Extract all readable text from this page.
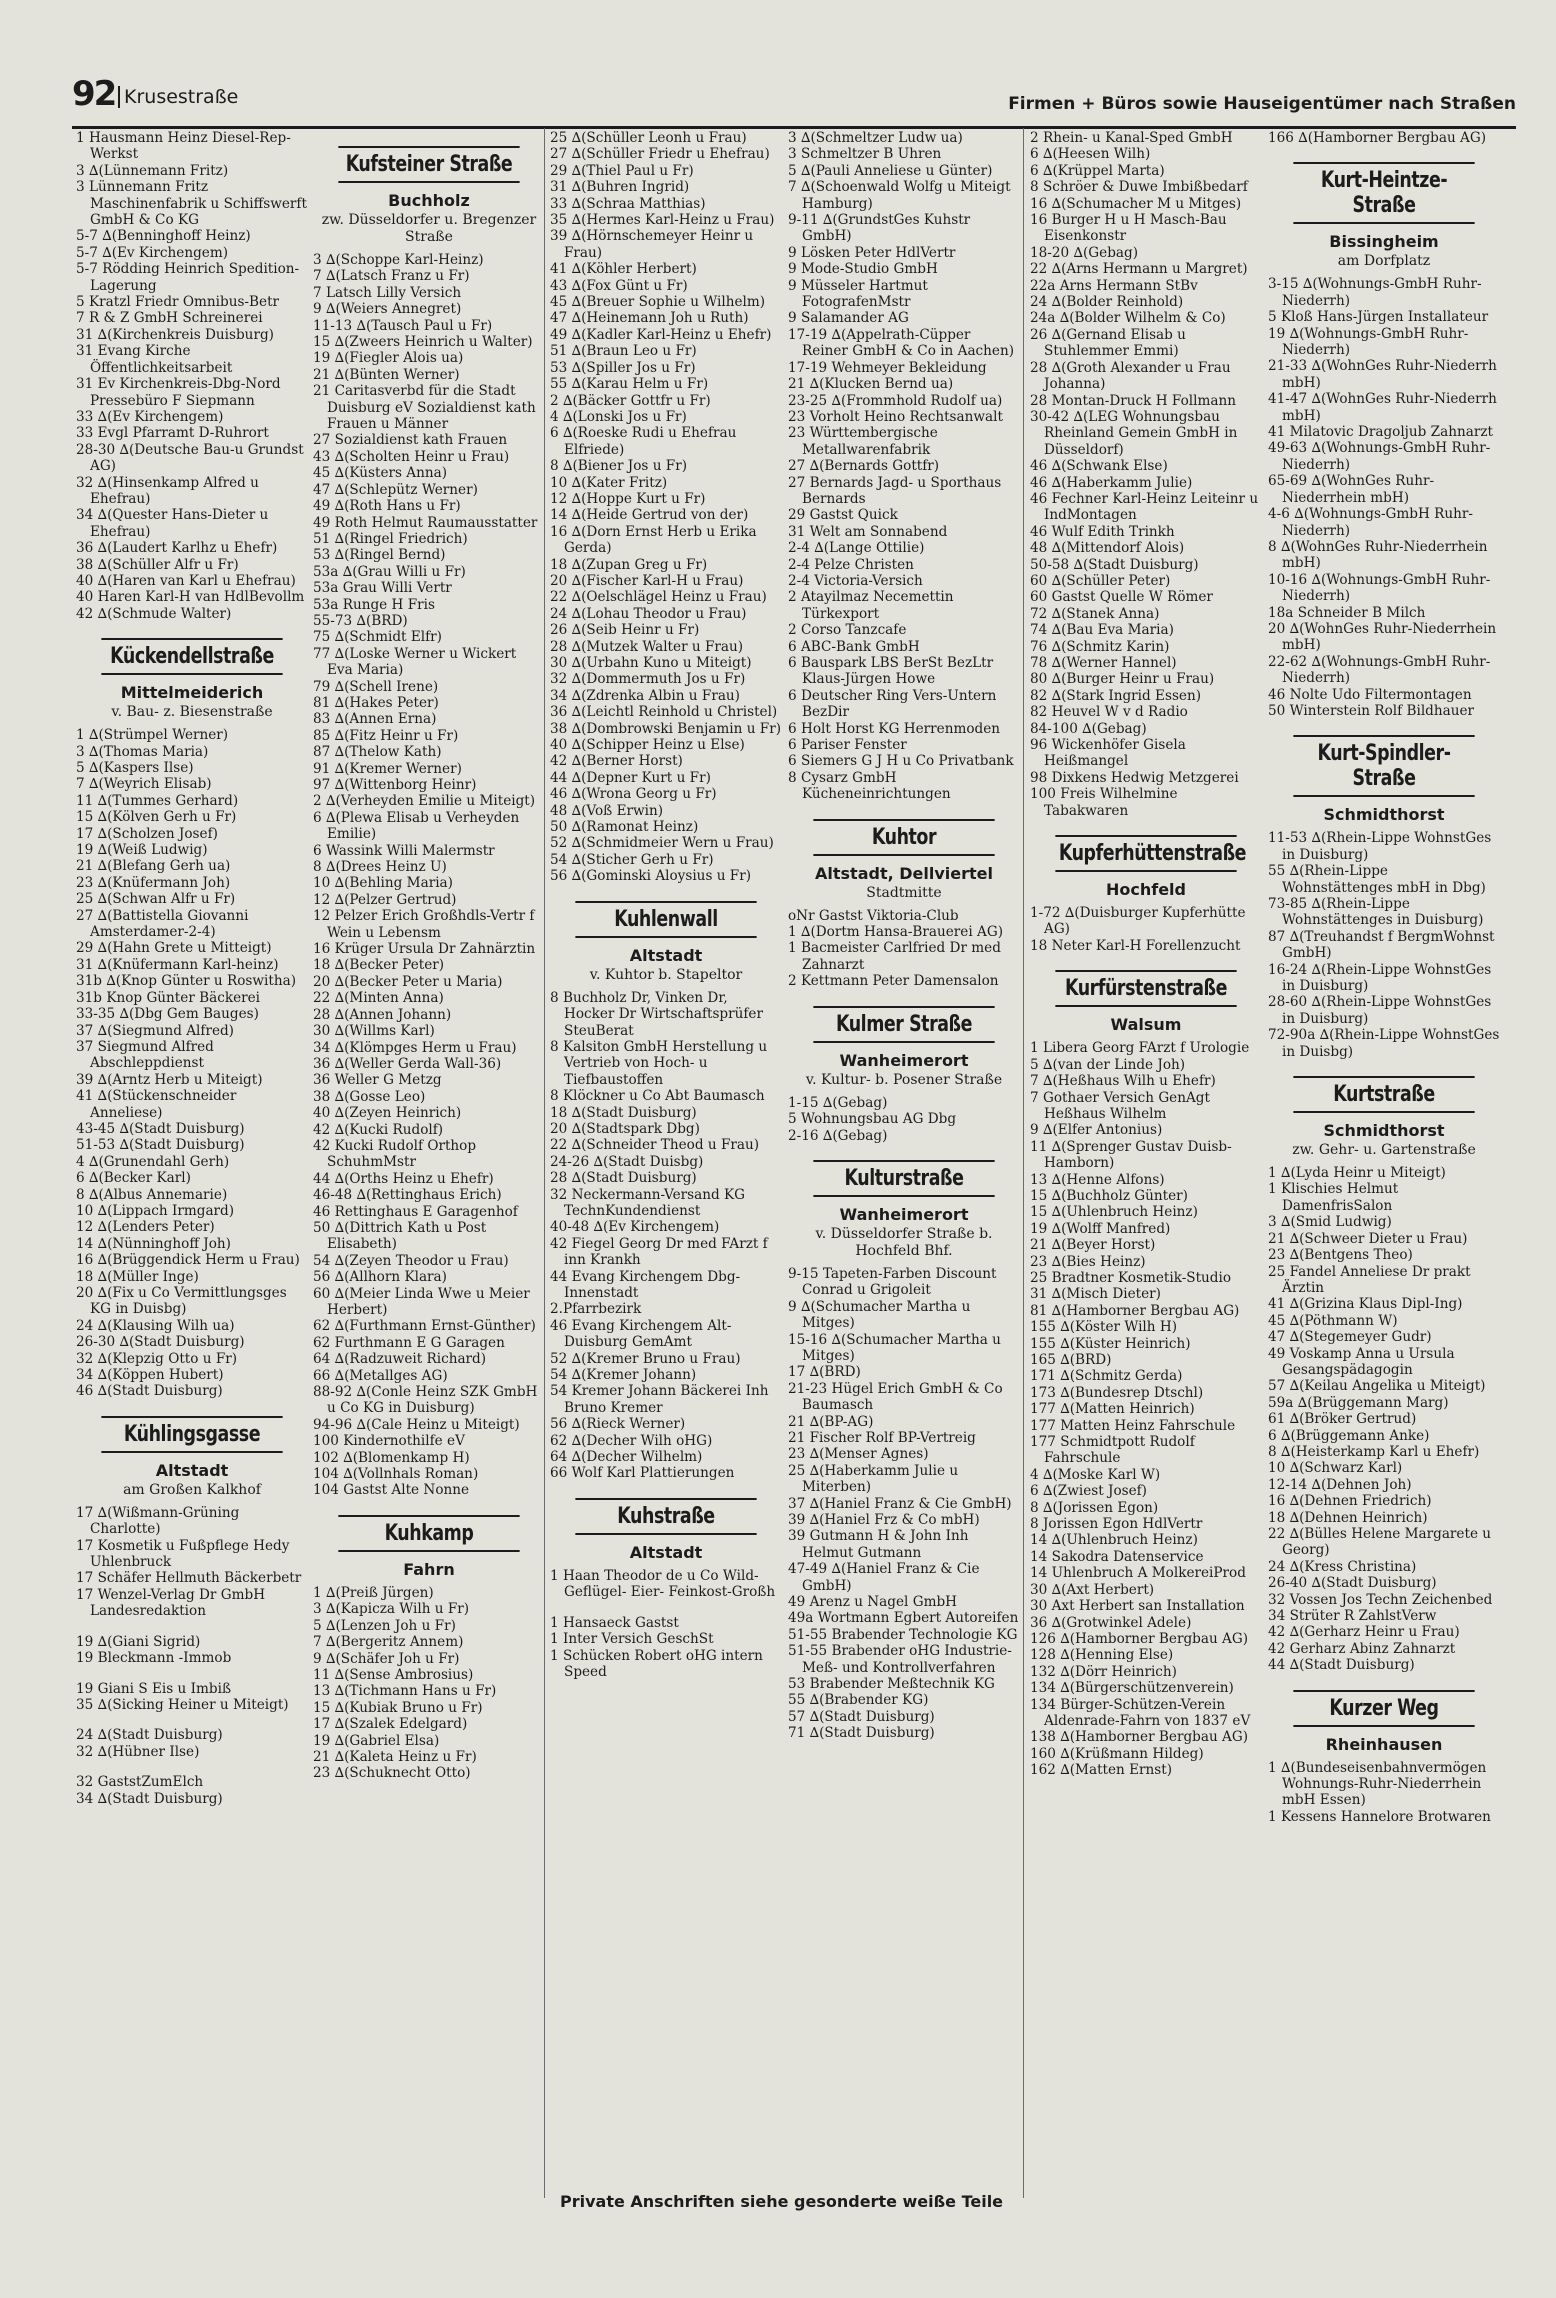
92 Krusestraße	Firmen + Büros sowie Hauseigentümer nach Straßen

1 Hausmann Heinz Diesel-Rep-Werkst

3 ∆(Lünnemann Fritz)

3 Lünnemann Fritz Maschinenfabrik u Schiffswerft GmbH & Co KG

5-7 ∆(Benninghoff Heinz)

5-7 ∆(Ev Kirchengem)

5-7 Rödding Heinrich Spedition-Lagerung

5 Kratzl Friedr Omnibus-Betr

7 R & Z GmbH Schreinerei

31 ∆(Kirchenkreis Duisburg)

31 Evang Kirche Öffentlichkeitsarbeit

31 Ev Kirchenkreis-Dbg-Nord Pressebüro F Siepmann

33 ∆(Ev Kirchengem)

33 Evgl Pfarramt D-Ruhrort

28-30 ∆(Deutsche Bau-u Grundst AG)

32 ∆(Hinsenkamp Alfred u Ehefrau)

34 ∆(Quester Hans-Dieter u Ehefrau)

36 ∆(Laudert Karlhz u Ehefr)

38 ∆(Schüller Alfr u Fr)

40 ∆(Haren van Karl u Ehefrau)

40 Haren Karl-H van HdlBevollm

42 ∆(Schmude Walter)

Kückendellstraße
Mittelmeiderich
v. Bau- z. Biesenstraße

1 ∆(Strümpel Werner)

3 ∆(Thomas Maria)

5 ∆(Kaspers Ilse)

7 ∆(Weyrich Elisab)

11 ∆(Tummes Gerhard)

15 ∆(Kölven Gerh u Fr)

17 ∆(Scholzen Josef)

19 ∆(Weiß Ludwig)

21 ∆(Blefang Gerh ua)

23 ∆(Knüfermann Joh)

25 ∆(Schwan Alfr u Fr)

27 ∆(Battistella Giovanni Amsterdamer-2-4)

29 ∆(Hahn Grete u Mitteigt)

31 ∆(Knüfermann Karl-heinz)

31b ∆(Knop Günter u Roswitha)

31b Knop Günter Bäckerei

33-35 ∆(Dbg Gem Bauges)

37 ∆(Siegmund Alfred)

37 Siegmund Alfred Abschleppdienst

39 ∆(Arntz Herb u Miteigt)

41 ∆(Stückenschneider Anneliese)

43-45 ∆(Stadt Duisburg)

51-53 ∆(Stadt Duisburg)

4 ∆(Grunendahl Gerh)

6 ∆(Becker Karl)

8 ∆(Albus Annemarie)

10 ∆(Lippach Irmgard)

12 ∆(Lenders Peter)

14 ∆(Nünninghoff Joh)

16 ∆(Brüggendick Herm u Frau)

18 ∆(Müller Inge)

20 ∆(Fix u Co Vermittlungsges KG in Duisbg)

24 ∆(Klausing Wilh ua)

26-30 ∆(Stadt Duisburg)

32 ∆(Klepzig Otto u Fr)

34 ∆(Köppen Hubert)

46 ∆(Stadt Duisburg)

Kühlingsgasse
Altstadt
am Großen Kalkhof

17 ∆(Wißmann-Grüning Charlotte)

17 Kosmetik u Fußpflege Hedy Uhlenbruck

17 Schäfer Hellmuth Bäckerbetr

17 Wenzel-Verlag Dr GmbH Landesredaktion

19 ∆(Giani Sigrid)

19 Bleckmann -Immob

19 Giani S Eis u Imbiß

35 ∆(Sicking Heiner u Miteigt)

24 ∆(Stadt Duisburg)

32 ∆(Hübner Ilse)

32 GaststZumElch

34 ∆(Stadt Duisburg)

Kufsteiner Straße
Buchholz
zw. Düsseldorfer u. Bregenzer Straße

3 ∆(Schoppe Karl-Heinz)

7 ∆(Latsch Franz u Fr)

7 Latsch Lilly Versich

9 ∆(Weiers Annegret)

11-13 ∆(Tausch Paul u Fr)

15 ∆(Zweers Heinrich u Walter)

19 ∆(Fiegler Alois ua)

21 ∆(Bünten Werner)

21 Caritasverbd für die Stadt Duisburg eV Sozialdienst kath Frauen u Männer

27 Sozialdienst kath Frauen

43 ∆(Scholten Heinr u Frau)

45 ∆(Küsters Anna)

47 ∆(Schlepütz Werner)

49 ∆(Roth Hans u Fr)

49 Roth Helmut Raumausstatter

51 ∆(Ringel Friedrich)

53 ∆(Ringel Bernd)

53a ∆(Grau Willi u Fr)

53a Grau Willi Vertr

53a Runge H Fris

55-73 ∆(BRD)

75 ∆(Schmidt Elfr)

77 ∆(Loske Werner u Wickert Eva Maria)

79 ∆(Schell Irene)

81 ∆(Hakes Peter)

83 ∆(Annen Erna)

85 ∆(Fitz Heinr u Fr)

87 ∆(Thelow Kath)

91 ∆(Kremer Werner)

97 ∆(Wittenborg Heinr)

2 ∆(Verheyden Emilie u Miteigt)

6 ∆(Plewa Elisab u Verheyden Emilie)

6 Wassink Willi Malermstr

8 ∆(Drees Heinz U)

10 ∆(Behling Maria)

12 ∆(Pelzer Gertrud)

12 Pelzer Erich Großhdls-Vertr f Wein u Lebensm

16 Krüger Ursula Dr Zahnärztin

18 ∆(Becker Peter)

20 ∆(Becker Peter u Maria)

22 ∆(Minten Anna)

28 ∆(Annen Johann)

30 ∆(Willms Karl)

34 ∆(Klömpges Herm u Frau)

36 ∆(Weller Gerda Wall-36)

36 Weller G Metzg

38 ∆(Gosse Leo)

40 ∆(Zeyen Heinrich)

42 ∆(Kucki Rudolf)

42 Kucki Rudolf Orthop SchuhmMstr

44 ∆(Orths Heinz u Ehefr)

46-48 ∆(Rettinghaus Erich)

46 Rettinghaus E Garagenhof

50 ∆(Dittrich Kath u Post Elisabeth)

54 ∆(Zeyen Theodor u Frau)

56 ∆(Allhorn Klara)

60 ∆(Meier Linda Wwe u Meier Herbert)

62 ∆(Furthmann Ernst-Günther)

62 Furthmann E G Garagen

64 ∆(Radzuweit Richard)

66 ∆(Metallges AG)

88-92 ∆(Conle Heinz SZK GmbH u Co KG in Duisburg)

94-96 ∆(Cale Heinz u Miteigt)

100 Kindernothilfe eV

102 ∆(Blomenkamp H)

104 ∆(Vollnhals Roman)

104 Gastst Alte Nonne

Kuhkamp
Fahrn

1 ∆(Preiß Jürgen)

3 ∆(Kapicza Wilh u Fr)

5 ∆(Lenzen Joh u Fr)

7 ∆(Bergeritz Annem)

9 ∆(Schäfer Joh u Fr)

11 ∆(Sense Ambrosius)

13 ∆(Tichmann Hans u Fr)

15 ∆(Kubiak Bruno u Fr)

17 ∆(Szalek Edelgard)

19 ∆(Gabriel Elsa)

21 ∆(Kaleta Heinz u Fr)

23 ∆(Schuknecht Otto)

25 ∆(Schüller Leonh u Frau)

27 ∆(Schüller Friedr u Ehefrau)

29 ∆(Thiel Paul u Fr)

31 ∆(Buhren Ingrid)

33 ∆(Schraa Matthias)

35 ∆(Hermes Karl-Heinz u Frau)

39 ∆(Hörnschemeyer Heinr u Frau)

41 ∆(Köhler Herbert)

43 ∆(Fox Günt u Fr)

45 ∆(Breuer Sophie u Wilhelm)

47 ∆(Heinemann Joh u Ruth)

49 ∆(Kadler Karl-Heinz u Ehefr)

51 ∆(Braun Leo u Fr)

53 ∆(Spiller Jos u Fr)

55 ∆(Karau Helm u Fr)

2 ∆(Bäcker Gottfr u Fr)

4 ∆(Lonski Jos u Fr)

6 ∆(Roeske Rudi u Ehefrau Elfriede)

8 ∆(Biener Jos u Fr)

10 ∆(Kater Fritz)

12 ∆(Hoppe Kurt u Fr)

14 ∆(Heide Gertrud von der)

16 ∆(Dorn Ernst Herb u Erika Gerda)

18 ∆(Zupan Greg u Fr)

20 ∆(Fischer Karl-H u Frau)

22 ∆(Oelschlägel Heinz u Frau)

24 ∆(Lohau Theodor u Frau)

26 ∆(Seib Heinr u Fr)

28 ∆(Mutzek Walter u Frau)

30 ∆(Urbahn Kuno u Miteigt)

32 ∆(Dommermuth Jos u Fr)

34 ∆(Zdrenka Albin u Frau)

36 ∆(Leichtl Reinhold u Christel)

38 ∆(Dombrowski Benjamin u Fr)

40 ∆(Schipper Heinz u Else)

42 ∆(Berner Horst)

44 ∆(Depner Kurt u Fr)

46 ∆(Wrona Georg u Fr)

48 ∆(Voß Erwin)

50 ∆(Ramonat Heinz)

52 ∆(Schmidmeier Wern u Frau)

54 ∆(Sticher Gerh u Fr)

56 ∆(Gominski Aloysius u Fr)

Kuhlenwall
Altstadt
v. Kuhtor b. Stapeltor

8 Buchholz Dr, Vinken Dr, Hocker Dr Wirtschaftsprüfer SteuBerat

8 Kalsiton GmbH Herstellung u Vertrieb von Hoch- u Tiefbaustoffen

8 Klöckner u Co Abt Baumasch

18 ∆(Stadt Duisburg)

20 ∆(Stadtspark Dbg)

22 ∆(Schneider Theod u Frau)

24-26 ∆(Stadt Duisbg)

28 ∆(Stadt Duisburg)

32 Neckermann-Versand KG TechnKundendienst

40-48 ∆(Ev Kirchengem)

42 Fiegel Georg Dr med FArzt f inn Krankh

44 Evang Kirchengem Dbg-Innenstadt

2.Pfarrbezirk

46 Evang Kirchengem Alt-Duisburg GemAmt

52 ∆(Kremer Bruno u Frau)

54 ∆(Kremer Johann)

54 Kremer Johann Bäckerei Inh Bruno Kremer

56 ∆(Rieck Werner)

62 ∆(Decher Wilh oHG)

64 ∆(Decher Wilhelm)

66 Wolf Karl Plattierungen

Kuhstraße
Altstadt

1 Haan Theodor de u Co Wild- Geflügel- Eier- Feinkost-Großh

1 Hansaeck Gastst

1 Inter Versich GeschSt

1 Schücken Robert oHG intern Speed

3 ∆(Schmeltzer Ludw ua)

3 Schmeltzer B Uhren

5 ∆(Pauli Anneliese u Günter)

7 ∆(Schoenwald Wolfg u Miteigt Hamburg)

9-11 ∆(GrundstGes Kuhstr GmbH)

9 Lösken Peter HdlVertr

9 Mode-Studio GmbH

9 Müsseler Hartmut FotografenMstr

9 Salamander AG

17-19 ∆(Appelrath-Cüpper Reiner GmbH & Co in Aachen)

17-19 Wehmeyer Bekleidung

21 ∆(Klucken Bernd ua)

23-25 ∆(Frommhold Rudolf ua)

23 Vorholt Heino Rechtsanwalt

23 Württembergische Metallwarenfabrik

27 ∆(Bernards Gottfr)

27 Bernards Jagd- u Sporthaus Bernards

29 Gastst Quick

31 Welt am Sonnabend

2-4 ∆(Lange Ottilie)

2-4 Pelze Christen

2-4 Victoria-Versich

2 Atayilmaz Necemettin Türkexport

2 Corso Tanzcafe

6 ABC-Bank GmbH

6 Bauspark LBS BerSt BezLtr Klaus-Jürgen Howe

6 Deutscher Ring Vers-Untern BezDir

6 Holt Horst KG Herrenmoden

6 Pariser Fenster

6 Siemers G J H u Co Privatbank

8 Cysarz GmbH Kücheneinrichtungen

Kuhtor
Altstadt, Dellviertel
Stadtmitte

oNr Gastst Viktoria-Club

1 ∆(Dortm Hansa-Brauerei AG)

1 Bacmeister Carlfried Dr med Zahnarzt

2 Kettmann Peter Damensalon

Kulmer Straße
Wanheimerort
v. Kultur- b. Posener Straße

1-15 ∆(Gebag)

5 Wohnungsbau AG Dbg

2-16 ∆(Gebag)

Kulturstraße
Wanheimerort
v. Düsseldorfer Straße b. Hochfeld Bhf.

9-15 Tapeten-Farben Discount Conrad u Grigoleit

9 ∆(Schumacher Martha u Mitges)

15-16 ∆(Schumacher Martha u Mitges)

17 ∆(BRD)

21-23 Hügel Erich GmbH & Co Baumasch

21 ∆(BP-AG)

21 Fischer Rolf BP-Vertreig

23 ∆(Menser Agnes)

25 ∆(Haberkamm Julie u Miterben)

37 ∆(Haniel Franz & Cie GmbH)

39 ∆(Haniel Frz & Co mbH)

39 Gutmann H & John Inh Helmut Gutmann

47-49 ∆(Haniel Franz & Cie GmbH)

49 Arenz u Nagel GmbH

49a Wortmann Egbert Autoreifen

51-55 Brabender Technologie KG

51-55 Brabender oHG Industrie-Meß- und Kontrollverfahren

53 Brabender Meßtechnik KG

55 ∆(Brabender KG)

57 ∆(Stadt Duisburg)

71 ∆(Stadt Duisburg)

2 Rhein- u Kanal-Sped GmbH

6 ∆(Heesen Wilh)

6 ∆(Krüppel Marta)

8 Schröer & Duwe Imbißbedarf

16 ∆(Schumacher M u Mitges)

16 Burger H u H Masch-Bau Eisenkonstr

18-20 ∆(Gebag)

22 ∆(Arns Hermann u Margret)

22a Arns Hermann StBv

24 ∆(Bolder Reinhold)

24a ∆(Bolder Wilhelm & Co)

26 ∆(Gernand Elisab u Stuhlemmer Emmi)

28 ∆(Groth Alexander u Frau Johanna)

28 Montan-Druck H Follmann

30-42 ∆(LEG Wohnungsbau Rheinland Gemein GmbH in Düsseldorf)

46 ∆(Schwank Else)

46 ∆(Haberkamm Julie)

46 Fechner Karl-Heinz Leiteinr u IndMontagen

46 Wulf Edith Trinkh

48 ∆(Mittendorf Alois)

50-58 ∆(Stadt Duisburg)

60 ∆(Schüller Peter)

60 Gastst Quelle W Römer

72 ∆(Stanek Anna)

74 ∆(Bau Eva Maria)

76 ∆(Schmitz Karin)

78 ∆(Werner Hannel)

80 ∆(Burger Heinr u Frau)

82 ∆(Stark Ingrid Essen)

82 Heuvel W v d Radio

84-100 ∆(Gebag)

96 Wickenhöfer Gisela Heißmangel

98 Dixkens Hedwig Metzgerei

100 Freis Wilhelmine Tabakwaren

Kupferhüttenstraße
Hochfeld

1-72 ∆(Duisburger Kupferhütte AG)

18 Neter Karl-H Forellenzucht

Kurfürstenstraße
Walsum

1 Libera Georg FArzt f Urologie

5 ∆(van der Linde Joh)

7 ∆(Heßhaus Wilh u Ehefr)

7 Gothaer Versich GenAgt Heßhaus Wilhelm

9 ∆(Elfer Antonius)

11 ∆(Sprenger Gustav Duisb-Hamborn)

13 ∆(Henne Alfons)

15 ∆(Buchholz Günter)

15 ∆(Uhlenbruch Heinz)

19 ∆(Wolff Manfred)

21 ∆(Beyer Horst)

23 ∆(Bies Heinz)

25 Bradtner Kosmetik-Studio

31 ∆(Misch Dieter)

81 ∆(Hamborner Bergbau AG)

155 ∆(Köster Wilh H)

155 ∆(Küster Heinrich)

165 ∆(BRD)

171 ∆(Schmitz Gerda)

173 ∆(Bundesrep Dtschl)

177 ∆(Matten Heinrich)

177 Matten Heinz Fahrschule

177 Schmidtpott Rudolf Fahrschule

4 ∆(Moske Karl W)

6 ∆(Zwiest Josef)

8 ∆(Jorissen Egon)

8 Jorissen Egon HdlVertr

14 ∆(Uhlenbruch Heinz)

14 Sakodra Datenservice

14 Uhlenbruch A MolkereiProd

30 ∆(Axt Herbert)

30 Axt Herbert san Installation

36 ∆(Grotwinkel Adele)

126 ∆(Hamborner Bergbau AG)

128 ∆(Henning Else)

132 ∆(Dörr Heinrich)

134 ∆(Bürgerschützenverein)

134 Bürger-Schützen-Verein Aldenrade-Fahrn von 1837 eV

138 ∆(Hamborner Bergbau AG)

160 ∆(Krüßmann Hildeg)

162 ∆(Matten Ernst)

166 ∆(Hamborner Bergbau AG)

Kurt-Heintze-Straße
Bissingheim
am Dorfplatz

3-15 ∆(Wohnungs-GmbH Ruhr-Niederrh)

5 Kloß Hans-Jürgen Installateur

19 ∆(Wohnungs-GmbH Ruhr-Niederrh)

21-33 ∆(WohnGes Ruhr-Niederrh mbH)

41-47 ∆(WohnGes Ruhr-Niederrh mbH)

41 Milatovic Dragoljub Zahnarzt

49-63 ∆(Wohnungs-GmbH Ruhr-Niederrh)

65-69 ∆(WohnGes Ruhr-Niederrhein mbH)

4-6 ∆(Wohnungs-GmbH Ruhr-Niederrh)

8 ∆(WohnGes Ruhr-Niederrhein mbH)

10-16 ∆(Wohnungs-GmbH Ruhr-Niederrh)

18a Schneider B Milch

20 ∆(WohnGes Ruhr-Niederrhein mbH)

22-62 ∆(Wohnungs-GmbH Ruhr-Niederrh)

46 Nolte Udo Filtermontagen

50 Winterstein Rolf Bildhauer

Kurt-Spindler-Straße
Schmidthorst

11-53 ∆(Rhein-Lippe WohnstGes in Duisburg)

55 ∆(Rhein-Lippe Wohnstättenges mbH in Dbg)

73-85 ∆(Rhein-Lippe Wohnstättenges in Duisburg)

87 ∆(Treuhandst f BergmWohnst GmbH)

16-24 ∆(Rhein-Lippe WohnstGes in Duisburg)

28-60 ∆(Rhein-Lippe WohnstGes in Duisburg)

72-90a ∆(Rhein-Lippe WohnstGes in Duisbg)

Kurtstraße
Schmidthorst
zw. Gehr- u. Gartenstraße

1 ∆(Lyda Heinr u Miteigt)

1 Klischies Helmut DamenfrisSalon

3 ∆(Smid Ludwig)

21 ∆(Schweer Dieter u Frau)

23 ∆(Bentgens Theo)

25 Fandel Anneliese Dr prakt Ärztin

41 ∆(Grizina Klaus Dipl-Ing)

45 ∆(Pöthmann W)

47 ∆(Stegemeyer Gudr)

49 Voskamp Anna u Ursula Gesangspädagogin

57 ∆(Keilau Angelika u Miteigt)

59a ∆(Brüggemann Marg)

61 ∆(Bröker Gertrud)

6 ∆(Brüggemann Anke)

8 ∆(Heisterkamp Karl u Ehefr)

10 ∆(Schwarz Karl)

12-14 ∆(Dehnen Joh)

16 ∆(Dehnen Friedrich)

18 ∆(Dehnen Heinrich)

22 ∆(Bülles Helene Margarete u Georg)

24 ∆(Kress Christina)

26-40 ∆(Stadt Duisburg)

32 Vossen Jos Techn Zeichenbed

34 Strüter R ZahlstVerw

42 ∆(Gerharz Heinr u Frau)

42 Gerharz Abinz Zahnarzt

44 ∆(Stadt Duisburg)

Kurzer Weg
Rheinhausen

1 ∆(Bundeseisenbahnvermögen Wohnungs-Ruhr-Niederrhein mbH Essen)

1 Kessens Hannelore Brotwaren

Private Anschriften siehe gesonderte weiße Teile
